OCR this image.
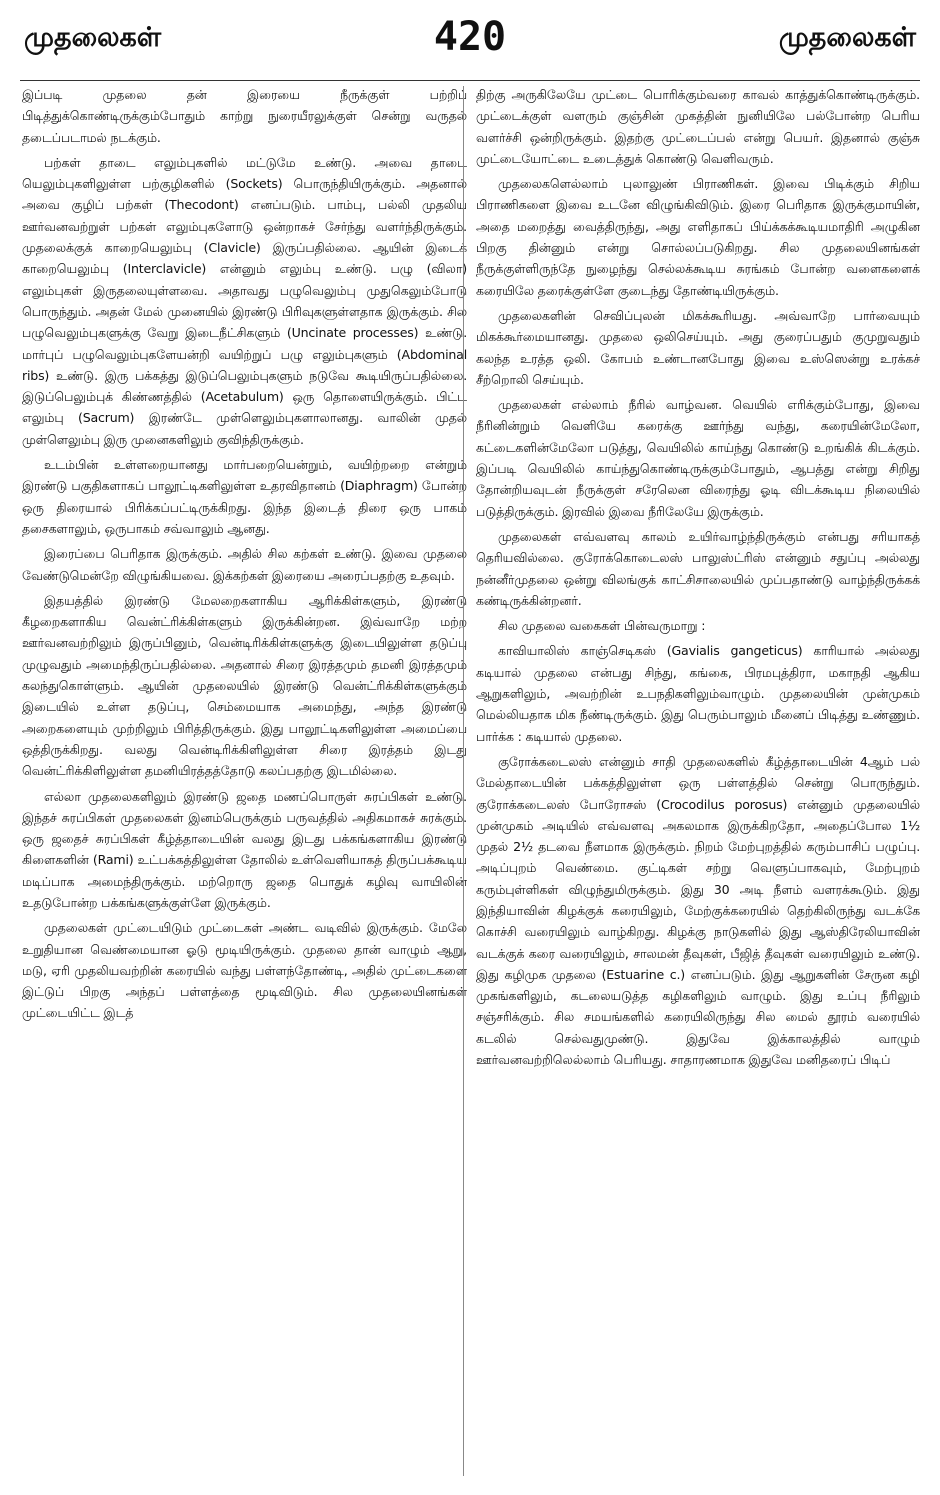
முதலைகள்	420	முதலைகள்

இப்படி முதலை தன் இரையை நீருக்குள் பற்றிப் பிடித்துக்கொண்டிருக்கும்போதும் காற்று நுரையீரலுக்குள் சென்று வருதல் தடைப்படாமல் நடக்கும்.

பற்கள் தாடை எலும்புகளில் மட்டுமே உண்டு. அவை தாடை யெலும்புகளிலுள்ள பற்குழிகளில் (Sockets) பொருந்தியிருக்கும். அதனால் அவை குழிப் பற்கள் (Thecodont) எனப்படும். பாம்பு, பல்லி முதலிய ஊர்வனவற்றுள் பற்கள் எலும்புகளோடு ஒன்றாகச் சேர்ந்து வளர்ந்திருக்கும். முதலைக்குக் காறையெலும்பு (Clavicle) இருப்பதில்லை. ஆயின் இடைக் காறையெலும்பு (Interclavicle) என்னும் எலும்பு உண்டு. பழு (விலா) எலும்புகள் இருதலையுள்ளவை. அதாவது பழுவெலும்பு முதுகெலும்போடு பொருந்தும். அதன் மேல் முனையில் இரண்டு பிரிவுகளுள்ளதாக இருக்கும். சில பழுவெலும்புகளுக்கு வேறு இடைநீட்சிகளும் (Uncinate processes) உண்டு. மார்புப் பழுவெலும்புகளேயன்றி வயிற்றுப் பழு எலும்புகளும் (Abdominal ribs) உண்டு. இரு பக்கத்து இடுப்பெலும்புகளும் நடுவே கூடியிருப்பதில்லை. இடுப்பெலும்புக் கிண்ணத்தில் (Acetabulum) ஒரு தொளையிருக்கும். பிட்ட எலும்பு (Sacrum) இரண்டே முள்ளெலும்புகளாலானது. வாலின் முதல் முள்ளெலும்பு இரு முனைகளிலும் குவிந்திருக்கும்.

உடம்பின் உள்ளறையானது மார்பறையென்றும், வயிற்றறை என்றும் இரண்டு பகுதிகளாகப் பாலூட்டிகளிலுள்ள உதரவிதானம் (Diaphragm) போன்ற ஒரு திரையால் பிரிக்கப்பட்டிருக்கிறது. இந்த இடைத் திரை ஒரு பாகம் தசைகளாலும், ஒருபாகம் சவ்வாலும் ஆனது.

இரைப்பை பெரிதாக இருக்கும். அதில் சில கற்கள் உண்டு. இவை முதலை வேண்டுமென்றே விழுங்கியவை. இக்கற்கள் இரையை அரைப்பதற்கு உதவும்.

இதயத்தில் இரண்டு மேலறைகளாகிய ஆரிக்கிள்களும், இரண்டு கீழறைகளாகிய வென்ட்ரிக்கிள்களும் இருக்கின்றன. இவ்வாறே மற்ற ஊர்வனவற்றிலும் இருப்பினும், வென்டிரிக்கிள்களுக்கு இடையிலுள்ள தடுப்பு முழுவதும் அமைந்திருப்பதில்லை. அதனால் சிரை இரத்தமும் தமனி இரத்தமும் கலந்துகொள்ளும். ஆயின் முதலையில் இரண்டு வென்ட்ரிக்கிள்களுக்கும் இடையில் உள்ள தடுப்பு, செம்மையாக அமைந்து, அந்த இரண்டு அறைகளையும் முற்றிலும் பிரித்திருக்கும். இது பாலூட்டிகளிலுள்ள அமைப்பை ஒத்திருக்கிறது. வலது வென்டிரிக்கிளிலுள்ள சிரை இரத்தம் இடது வென்ட்ரிக்கிளிலுள்ள தமனியிரத்தத்தோடு கலப்பதற்கு இடமில்லை.

எல்லா முதலைகளிலும் இரண்டு ஜதை மணப்பொருள் சுரப்பிகள் உண்டு. இந்தச் சுரப்பிகள் முதலைகள் இனம்பெருக்கும் பருவத்தில் அதிகமாகச் சுரக்கும். ஒரு ஜதைச் சுரப்பிகள் கீழ்த்தாடையின் வலது இடது பக்கங்களாகிய இரண்டு கிளைகளின் (Rami) உட்பக்கத்திலுள்ள தோலில் உள்வெளியாகத் திருப்பக்கூடிய மடிப்பாக அமைந்திருக்கும். மற்றொரு ஜதை பொதுக் கழிவு வாயிலின் உதடுபோன்ற பக்கங்களுக்குள்ளே இருக்கும்.

முதலைகள் முட்டையிடும் முட்டைகள் அண்ட வடிவில் இருக்கும். மேலே உறுதியான வெண்மையான ஓடு மூடியிருக்கும். முதலை தான் வாழும் ஆறு, மடு, ஏரி முதலியவற்றின் கரையில் வந்து பள்ளந்தோண்டி, அதில் முட்டைகளை இட்டுப் பிறகு அந்தப் பள்ளத்தை மூடிவிடும். சில முதலையினங்கள் முட்டையிட்ட இடத்

திற்கு அருகிலேயே முட்டை பொரிக்கும்வரை காவல் காத்துக்கொண்டிருக்கும். முட்டைக்குள் வளரும் குஞ்சின் முகத்தின் நுனியிலே பல்போன்ற பெரிய வளர்ச்சி ஒன்றிருக்கும். இதற்கு முட்டைப்பல் என்று பெயர். இதனால் குஞ்சு முட்டையோட்டை உடைத்துக் கொண்டு வெளிவரும்.

முதலைகளெல்லாம் புலாலுண் பிராணிகள். இவை பிடிக்கும் சிறிய பிராணிகளை இவை உடனே விழுங்கிவிடும். இரை பெரிதாக இருக்குமாயின், அதை மறைத்து வைத்திருந்து, அது எளிதாகப் பிய்க்கக்கூடியமாதிரி அழுகின பிறகு தின்னும் என்று சொல்லப்படுகிறது. சில முதலையினங்கள் நீருக்குள்ளிருந்தே நுழைந்து செல்லக்கூடிய சுரங்கம் போன்ற வளைகளைக் கரையிலே தரைக்குள்ளே குடைந்து தோண்டியிருக்கும்.

முதலைகளின் செவிப்புலன் மிகக்கூரியது. அவ்வாறே பார்வையும் மிகக்கூர்மையானது. முதலை ஒலிசெய்யும். அது குரைப்பதும் குமுறுவதும் கலந்த உரத்த ஒலி. கோபம் உண்டானபோது இவை உஸ்ஸென்று உரக்கச் சீற்றொலி செய்யும்.

முதலைகள் எல்லாம் நீரில் வாழ்வன. வெயில் எரிக்கும்போது, இவை நீரினின்றும் வெளியே கரைக்கு ஊர்ந்து வந்து, கரையின்மேலோ, கட்டைகளின்மேலோ படுத்து, வெயிலில் காய்ந்து கொண்டு உறங்கிக் கிடக்கும். இப்படி வெயிலில் காய்ந்துகொண்டிருக்கும்போதும், ஆபத்து என்று சிறிது தோன்றியவுடன் நீருக்குள் சரேலென விரைந்து ஓடி விடக்கூடிய நிலையில் படுத்திருக்கும். இரவில் இவை நீரிலேயே இருக்கும்.

முதலைகள் எவ்வளவு காலம் உயிர்வாழ்ந்திருக்கும் என்பது சரியாகத் தெரியவில்லை. குரோக்கொடைலஸ் பாலுஸ்ட்ரிஸ் என்னும் சதுப்பு அல்லது நன்னீர்முதலை ஒன்று விலங்குக் காட்சிசாலையில் முப்பதாண்டு வாழ்ந்திருக்கக் கண்டிருக்கின்றனர்.

சில முதலை வகைகள் பின்வருமாறு :

காவியாலிஸ் காஞ்செடிகஸ் (Gavialis gangeticus) காரியால் அல்லது கடியால் முதலை என்பது சிந்து, கங்கை, பிரமபுத்திரா, மகாநதி ஆகிய ஆறுகளிலும், அவற்றின் உபநதிகளிலும்வாழும். முதலையின் முன்முகம் மெல்லியதாக மிக நீண்டிருக்கும். இது பெரும்பாலும் மீனைப் பிடித்து உண்ணும். பார்க்க : கடியால் முதலை.

குரோக்கடைலஸ் என்னும் சாதி முதலைகளில் கீழ்த்தாடையின் 4ஆம் பல் மேல்தாடையின் பக்கத்திலுள்ள ஒரு பள்ளத்தில் சென்று பொருந்தும். குரோக்கடைலஸ் போரோசஸ் (Crocodilus porosus) என்னும் முதலையில் முன்முகம் அடியில் எவ்வளவு அகலமாக இருக்கிறதோ, அதைப்போல 1½ முதல் 2½ தடவை நீளமாக இருக்கும். நிறம் மேற்புறத்தில் கரும்பாசிப் பழுப்பு. அடிப்புறம் வெண்மை. குட்டிகள் சற்று வெளுப்பாகவும், மேற்புறம் கரும்புள்ளிகள் விழுந்துமிருக்கும். இது 30 அடி நீளம் வளரக்கூடும். இது இந்தியாவின் கிழக்குக் கரையிலும், மேற்குக்கரையில் தெற்கிலிருந்து வடக்கே கொச்சி வரையிலும் வாழ்கிறது. கிழக்கு நாடுகளில் இது ஆஸ்திரேலியாவின் வடக்குக் கரை வரையிலும், சாலமன் தீவுகள், பீஜித் தீவுகள் வரையிலும் உண்டு. இது கழிமுக முதலை (Estuarine c.) எனப்படும். இது ஆறுகளின் சேருன கழி முகங்களிலும், கடலையடுத்த கழிகளிலும் வாழும். இது உப்பு நீரிலும் சஞ்சரிக்கும். சில சமயங்களில் கரையிலிருந்து சில மைல் தூரம் வரையில் கடலில் செல்வதுமுண்டு. இதுவே இக்காலத்தில் வாழும் ஊர்வனவற்றிலெல்லாம் பெரியது. சாதாரணமாக இதுவே மனிதரைப் பிடிப்
